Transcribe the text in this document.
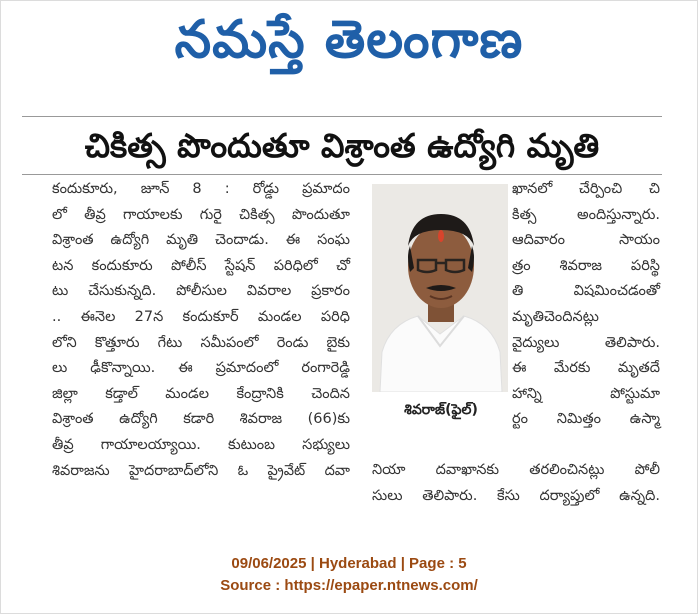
నమస్తే తెలంగాణ
చికిత్స పొందుతూ విశ్రాంత ఉద్యోగి మృతి
కందుకూరు, జూన్ 8 : రోడ్డు ప్రమాదం
లో తీవ్ర గాయాలకు గురై చికిత్స పొందుతూ
విశ్రాంత ఉద్యోగి మృతి చెందాడు. ఈ సంఘ
టన కందుకూరు పోలీస్ స్టేషన్ పరిధిలో చో
టు చేసుకున్నది. పోలీసుల వివరాల ప్రకారం
.. ఈనెల 27న కందుకూర్ మండల పరిధి
లోని కొత్తూరు గేటు సమీపంలో రెండు బైకు
లు ఢీకొన్నాయి. ఈ ప్రమాదంలో రంగారెడ్డి
జిల్లా కడ్తాల్ మండల కేంద్రానికి చెందిన
విశ్రాంత ఉద్యోగి కడారి శివరాజ (66)కు
తీవ్ర గాయాలయ్యాయి. కుటుంబ సభ్యులు
శివరాజను హైదరాబాద్‌లోని ఓ ప్రైవేట్ దవా
ఖానలో చేర్పించి చి
కిత్స అందిస్తున్నారు.
ఆదివారం సాయం
త్రం శివరాజ పరిస్థి
తి విషమించడంతో
మృతిచెందినట్లు
వైద్యులు తెలిపారు.
ఈ మేరకు మృతదే
హాన్ని పోస్టుమా
ర్టం నిమిత్తం ఉస్మా
శివరాజ్(ఫైల్)
నియా దవాఖానకు తరలించినట్లు పోలీ
సులు తెలిపారు. కేసు దర్యాప్తులో ఉన్నది.
09/06/2025 | Hyderabad | Page : 5
Source : https://epaper.ntnews.com/
